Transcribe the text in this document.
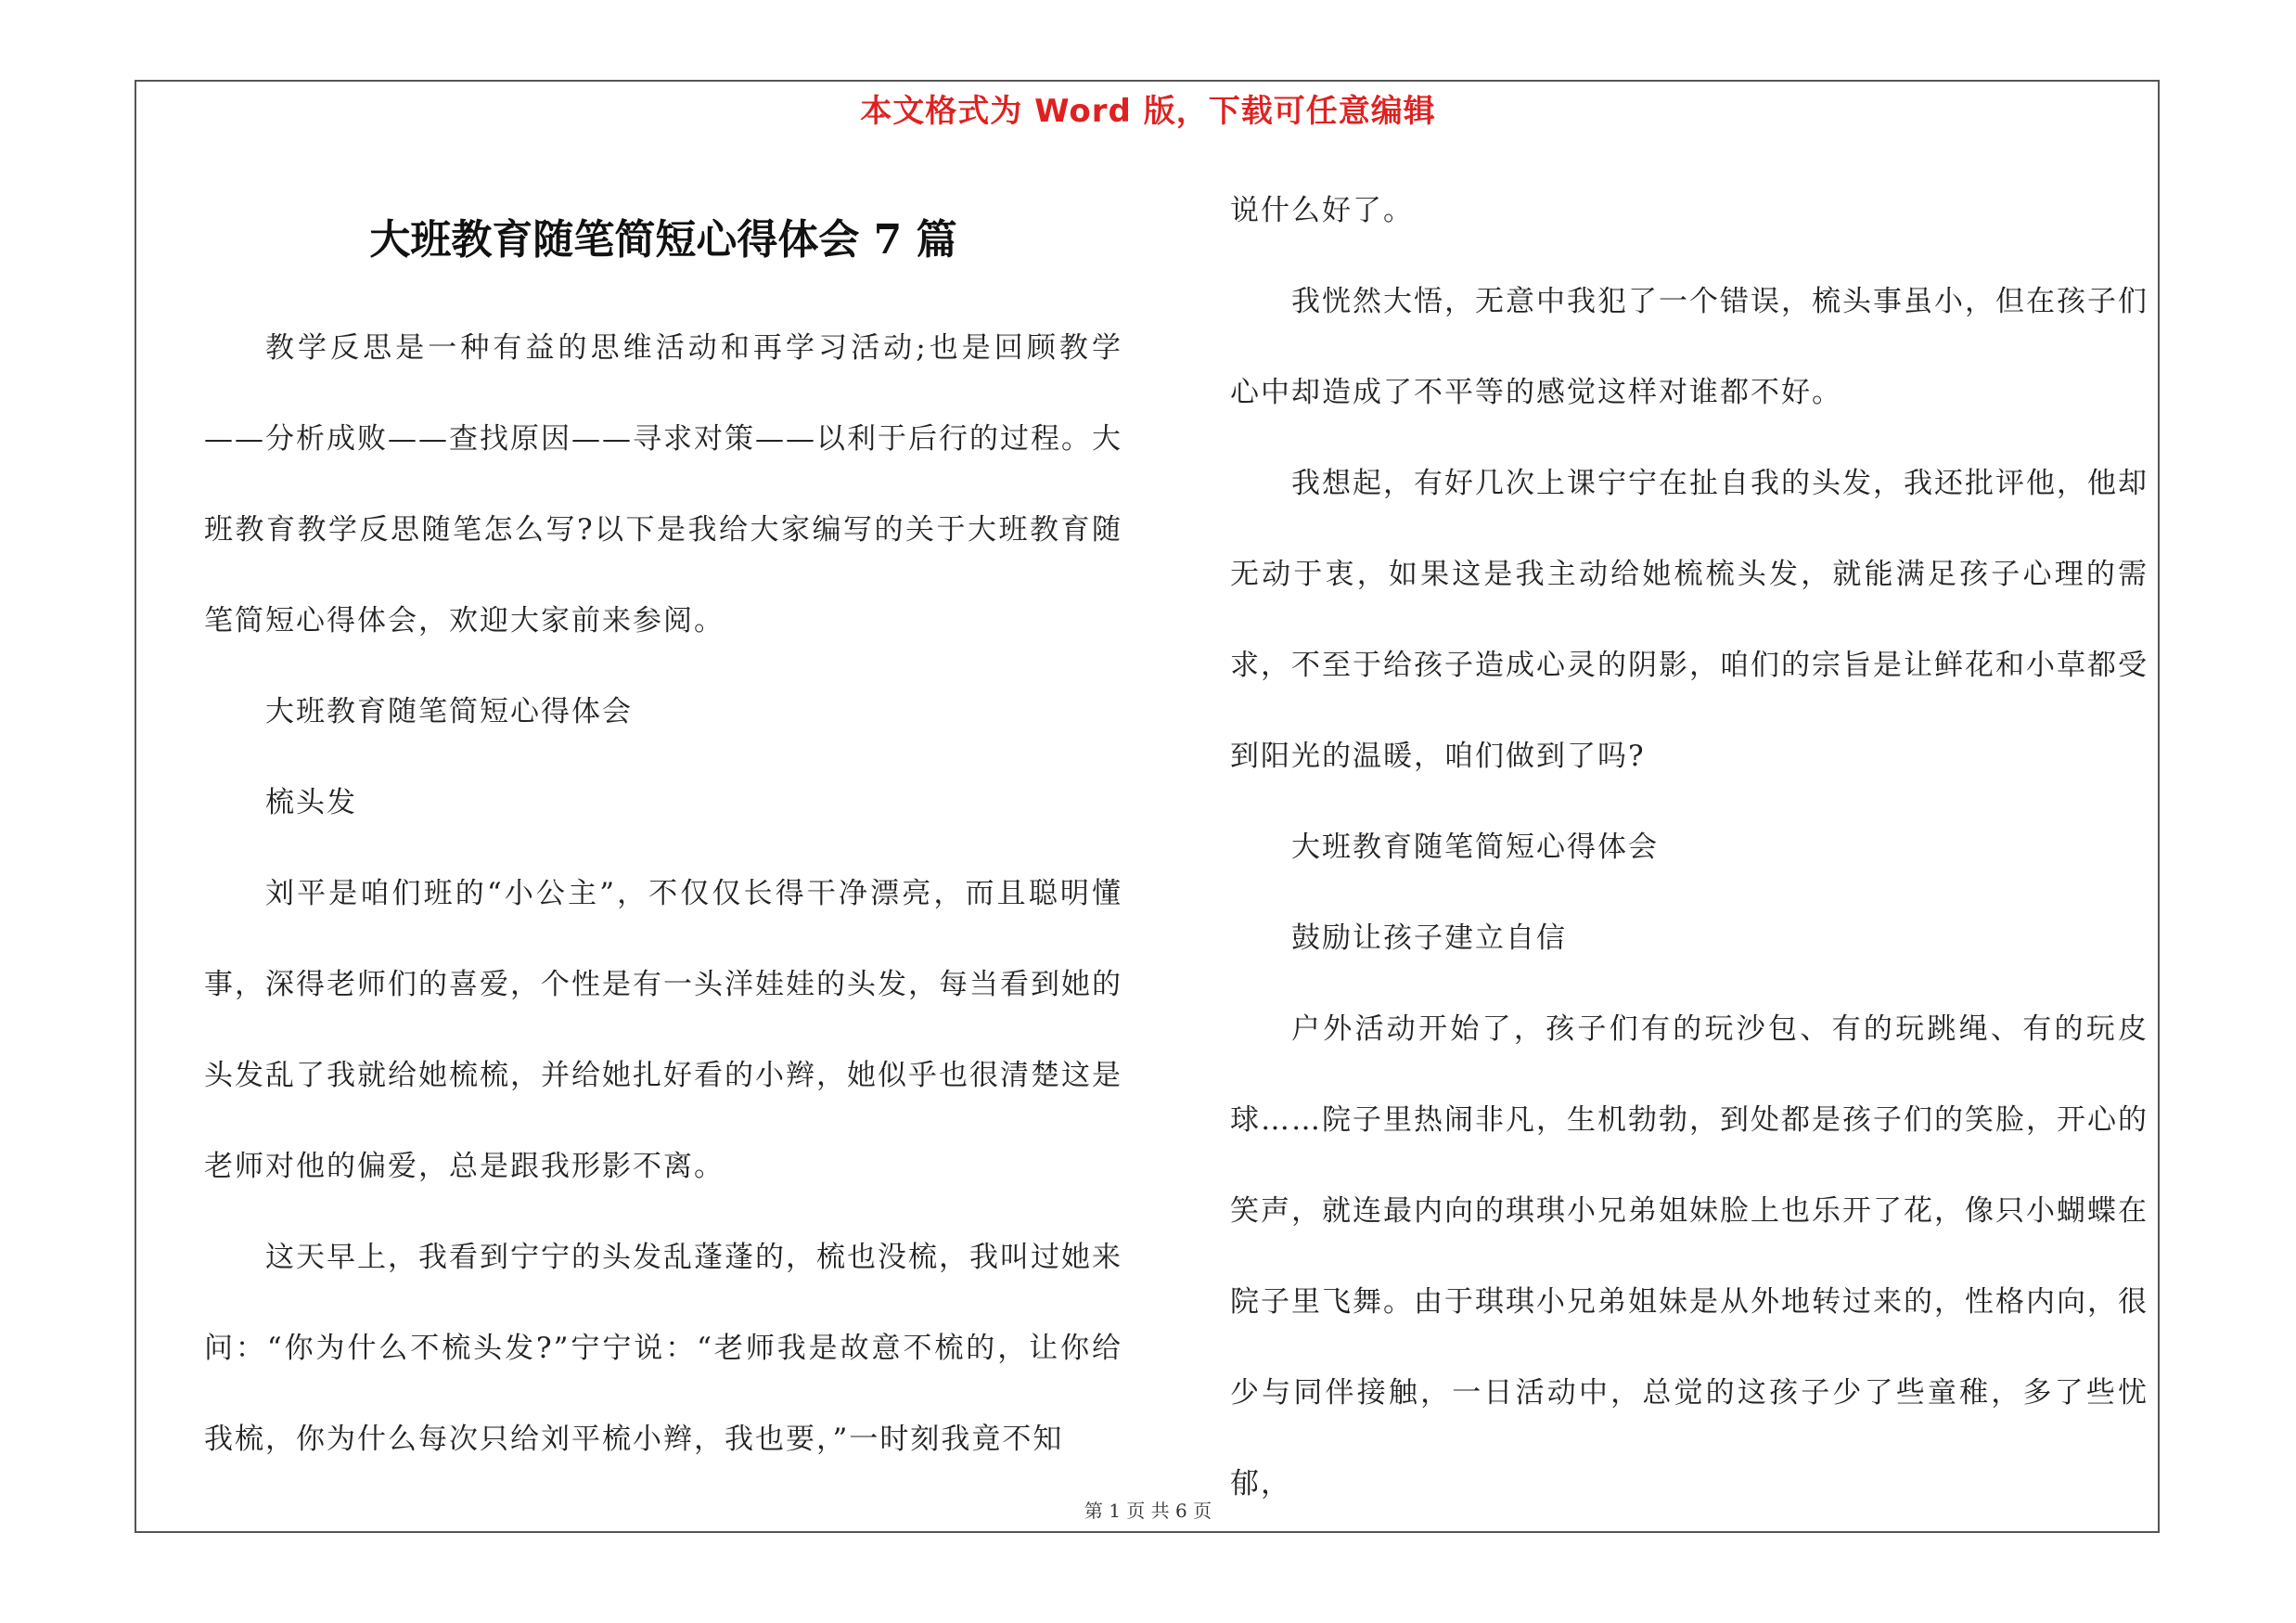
本文格式为 Word 版，下载可任意编辑
大班教育随笔简短心得体会 7 篇

教学反思是一种有益的思维活动和再学习活动;也是回顾教学——分析成败——查找原因——寻求对策——以利于后行的过程。大班教育教学反思随笔怎么写?以下是我给大家编写的关于大班教育随笔简短心得体会，欢迎大家前来参阅。

大班教育随笔简短心得体会

梳头发

刘平是咱们班的“小公主”，不仅仅长得干净漂亮，而且聪明懂事，深得老师们的喜爱，个性是有一头洋娃娃的头发，每当看到她的头发乱了我就给她梳梳，并给她扎好看的小辫，她似乎也很清楚这是老师对他的偏爱，总是跟我形影不离。

这天早上，我看到宁宁的头发乱蓬蓬的，梳也没梳，我叫过她来问：“你为什么不梳头发?”宁宁说：“老师我是故意不梳的，让你给我梳，你为什么每次只给刘平梳小辫，我也要，”一时刻我竟不知

说什么好了。

我恍然大悟，无意中我犯了一个错误，梳头事虽小，但在孩子们心中却造成了不平等的感觉这样对谁都不好。

我想起，有好几次上课宁宁在扯自我的头发，我还批评他，他却无动于衷，如果这是我主动给她梳梳头发，就能满足孩子心理的需求，不至于给孩子造成心灵的阴影，咱们的宗旨是让鲜花和小草都受到阳光的温暖，咱们做到了吗?

大班教育随笔简短心得体会

鼓励让孩子建立自信

户外活动开始了，孩子们有的玩沙包、有的玩跳绳、有的玩皮球……院子里热闹非凡，生机勃勃，到处都是孩子们的笑脸，开心的笑声，就连最内向的琪琪小兄弟姐妹脸上也乐开了花，像只小蝴蝶在院子里飞舞。由于琪琪小兄弟姐妹是从外地转过来的，性格内向，很少与同伴接触，一日活动中，总觉的这孩子少了些童稚，多了些忧郁，

第 1 页 共 6 页
